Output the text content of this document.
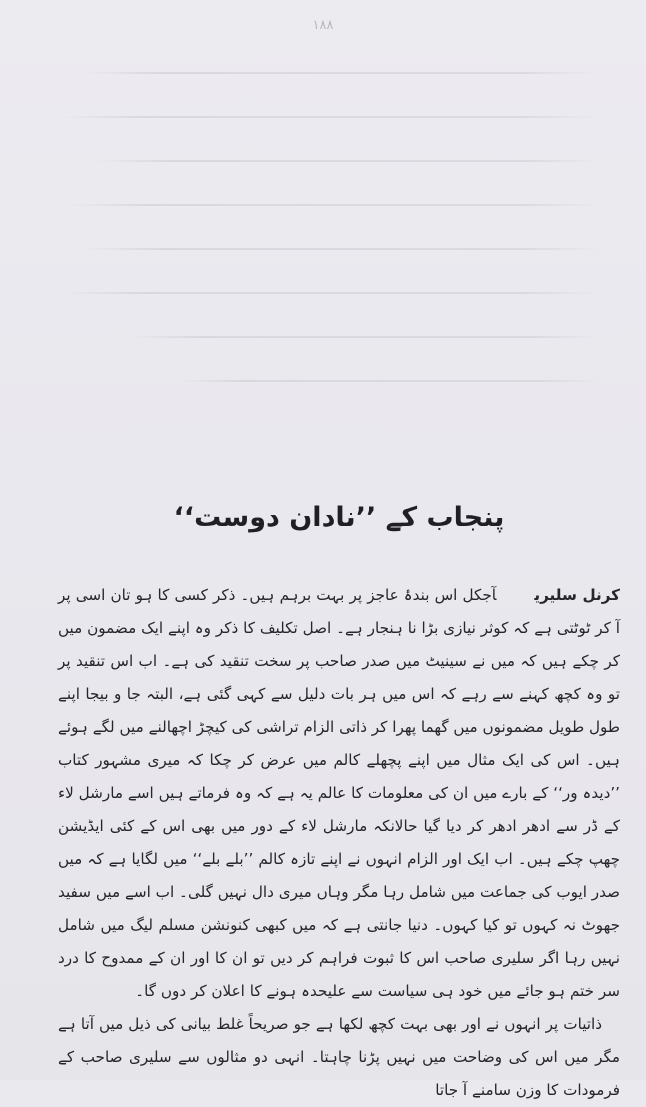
۱۸۸
پنجاب کے ’’نادان دوست‘‘

کرنل سلیریآجکل اس بندۂ عاجز پر بہت برہم ہیں۔ ذکر کسی کا ہو تان اسی پر آ کر ٹوٹتی ہے کہ کوثر نیازی بڑا نا ہنجار ہے۔ اصل تکلیف کا ذکر وہ اپنے ایک مضمون میں کر چکے ہیں کہ میں نے سینیٹ میں صدر صاحب پر سخت تنقید کی ہے۔ اب اس تنقید پر تو وہ کچھ کہنے سے رہے کہ اس میں ہر بات دلیل سے کہی گئی ہے، البتہ جا و بیجا اپنے طول طویل مضمونوں میں گھما پھرا کر ذاتی الزام تراشی کی کیچڑ اچھالنے میں لگے ہوئے ہیں۔ اس کی ایک مثال میں اپنے پچھلے کالم میں عرض کر چکا کہ میری مشہور کتاب ’’دیدہ ور‘‘ کے بارے میں ان کی معلومات کا عالم یہ ہے کہ وہ فرماتے ہیں اسے مارشل لاء کے ڈر سے ادھر ادھر کر دیا گیا حالانکہ مارشل لاء کے دور میں بھی اس کے کئی ایڈیشن چھپ چکے ہیں۔ اب ایک اور الزام انہوں نے اپنے تازہ کالم ’’بلے بلے‘‘ میں لگایا ہے کہ میں صدر ایوب کی جماعت میں شامل رہا مگر وہاں میری دال نہیں گلی۔ اب اسے میں سفید جھوٹ نہ کہوں تو کیا کہوں۔ دنیا جانتی ہے کہ میں کبھی کنونشن مسلم لیگ میں شامل نہیں رہا اگر سلیری صاحب اس کا ثبوت فراہم کر دیں تو ان کا اور ان کے ممدوح کا درد سر ختم ہو جائے میں خود ہی سیاست سے علیحدہ ہونے کا اعلان کر دوں گا۔

ذاتیات پر انہوں نے اور بھی بہت کچھ لکھا ہے جو صریحاً غلط بیانی کی ذیل میں آتا ہے مگر میں اس کی وضاحت میں نہیں پڑنا چاہتا۔ انہی دو مثالوں سے سلیری صاحب کے فرمودات کا وزن سامنے آ جاتا
